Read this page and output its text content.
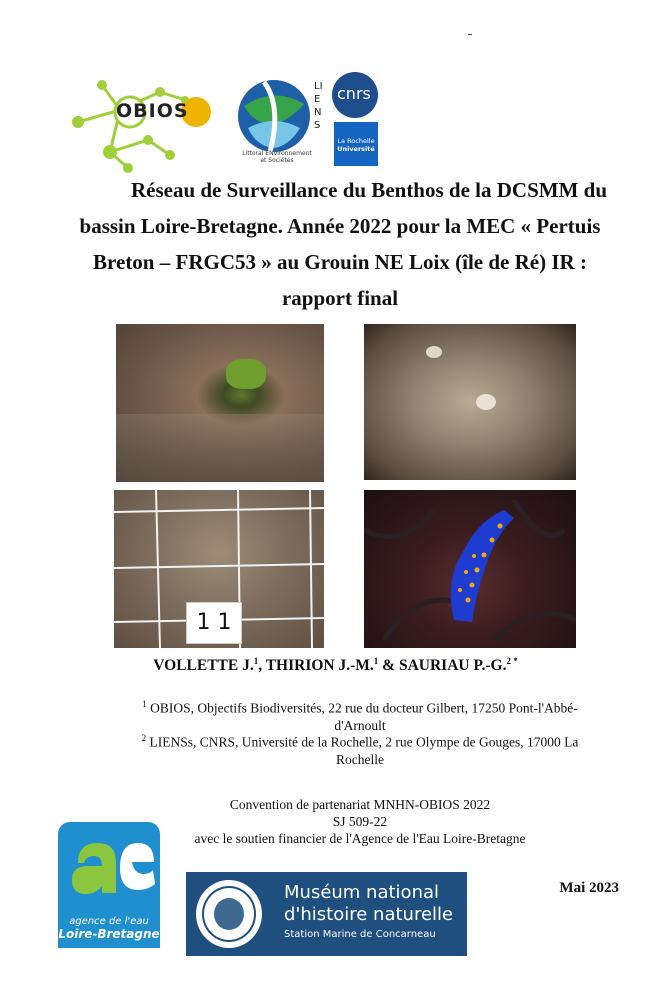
OBIOS
LIENS
Littoral ENvironnement
et Sociétés
cnrs
La Rochelle
Université
Réseau de Surveillance du Benthos de la DCSMM du
bassin Loire-Bretagne. Année 2022 pour la MEC « Pertuis
Breton – FRGC53 » au Grouin NE Loix (île de Ré) IR :
rapport final
1 1
VOLLETTE J.$^1$, THIRION J.-M.$^1$ & SAURIAU P.-G.$^{2 *}$
$^1$ OBIOS, Objectifs Biodiversités, 22 rue du docteur Gilbert, 17250 Pont-l'Abbé-
d'Arnoult
$^2$ LIENSs, CNRS, Université de la Rochelle, 2 rue Olympe de Gouges, 17000 La
Rochelle
Convention de partenariat MNHN-OBIOS 2022
SJ 509-22
avec le soutien financier de l'Agence de l'Eau Loire-Bretagne
agence de l'eau
Loire-Bretagne
Muséum national
d'histoire naturelle
Station Marine de Concarneau
Mai 2023
